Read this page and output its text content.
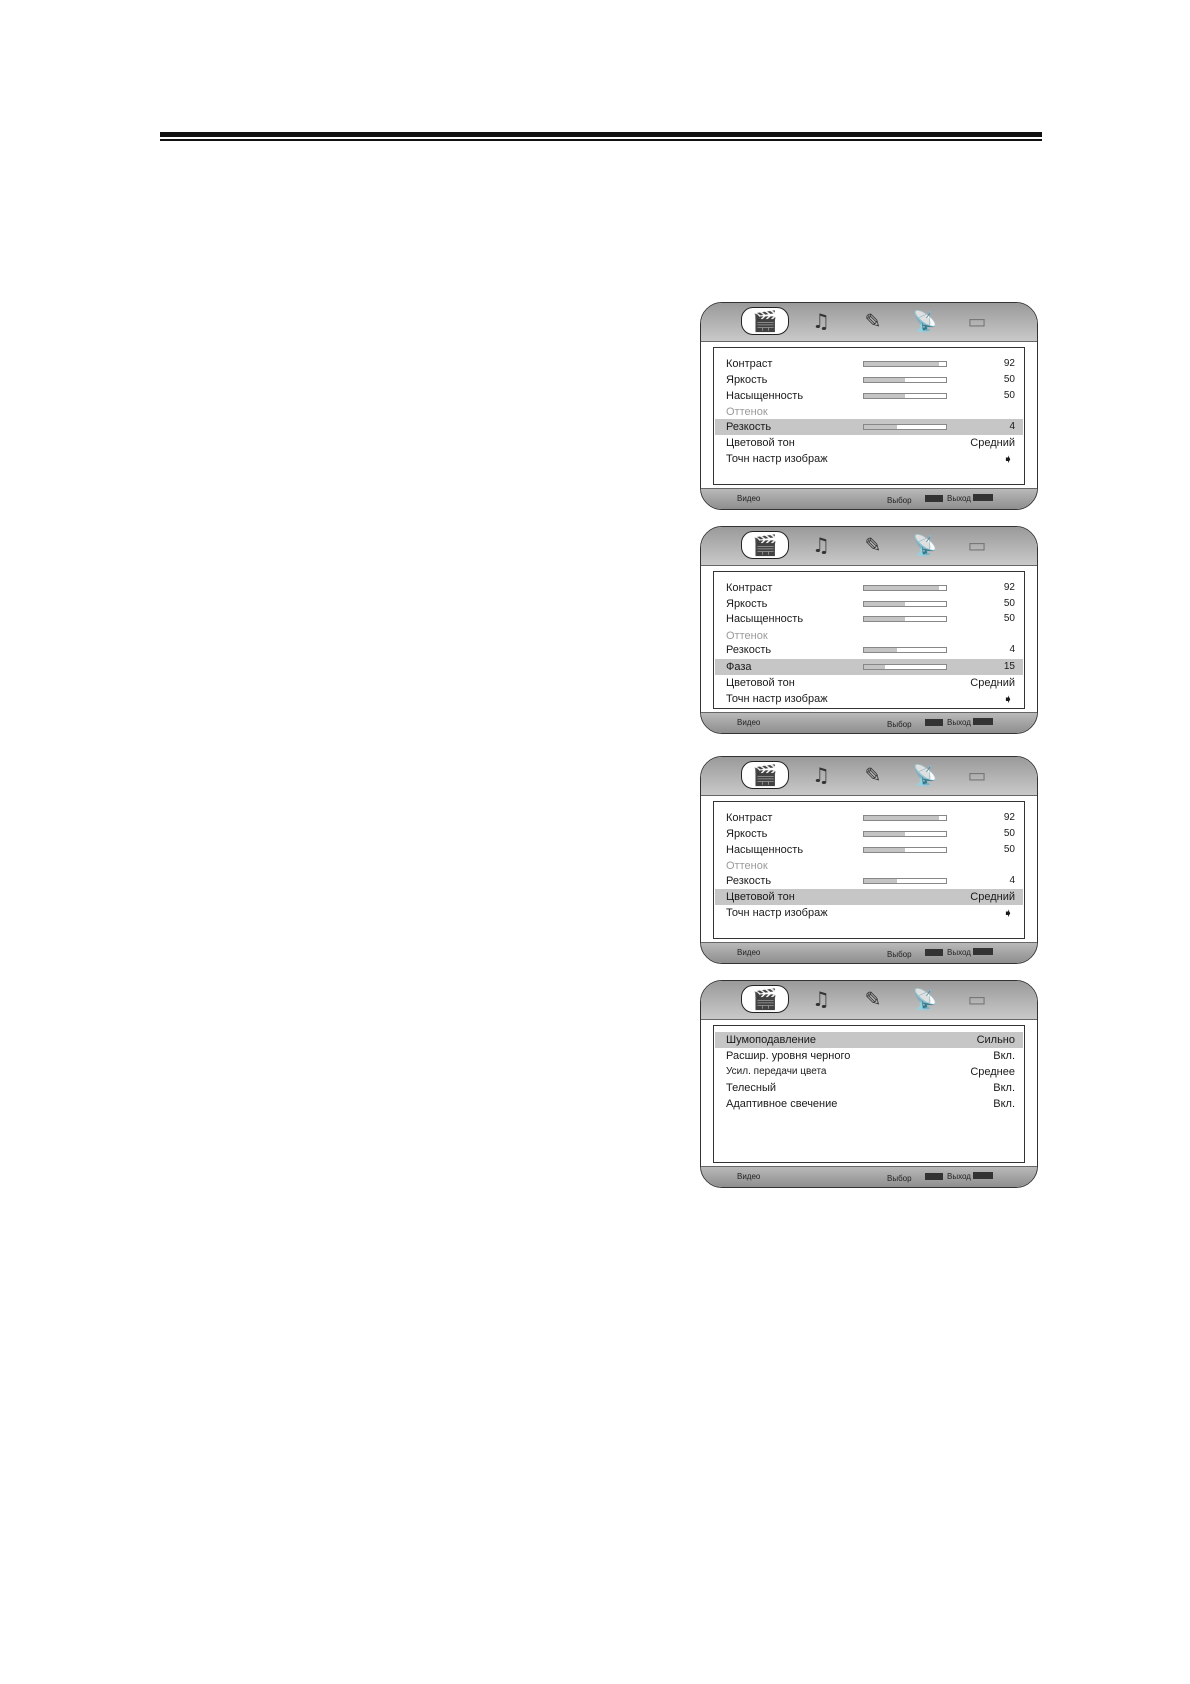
🎬	♫	✎	📡	▭
Контраст	92
Яркость	50
Насыщенность	50
Оттенок
Резкость	4
Цветовой тон	Средний
Точн настр изображ	➧
Видео	Выбор	Выход
🎬	♫	✎	📡	▭
Контраст	92
Яркость	50
Насыщенность	50
Оттенок
Резкость	4
Фаза	15
Цветовой тон	Средний
Точн настр изображ	➧
Видео	Выбор	Выход
🎬	♫	✎	📡	▭
Контраст	92
Яркость	50
Насыщенность	50
Оттенок
Резкость	4
Цветовой тон	Средний
Точн настр изображ	➧
Видео	Выбор	Выход
🎬	♫	✎	📡	▭
Шумоподавление	Сильно
Расшир. уровня черного	Вкл.
Усил. передачи цвета	Среднее
Телесный	Вкл.
Адаптивное свечение	Вкл.
Видео	Выбор	Выход
